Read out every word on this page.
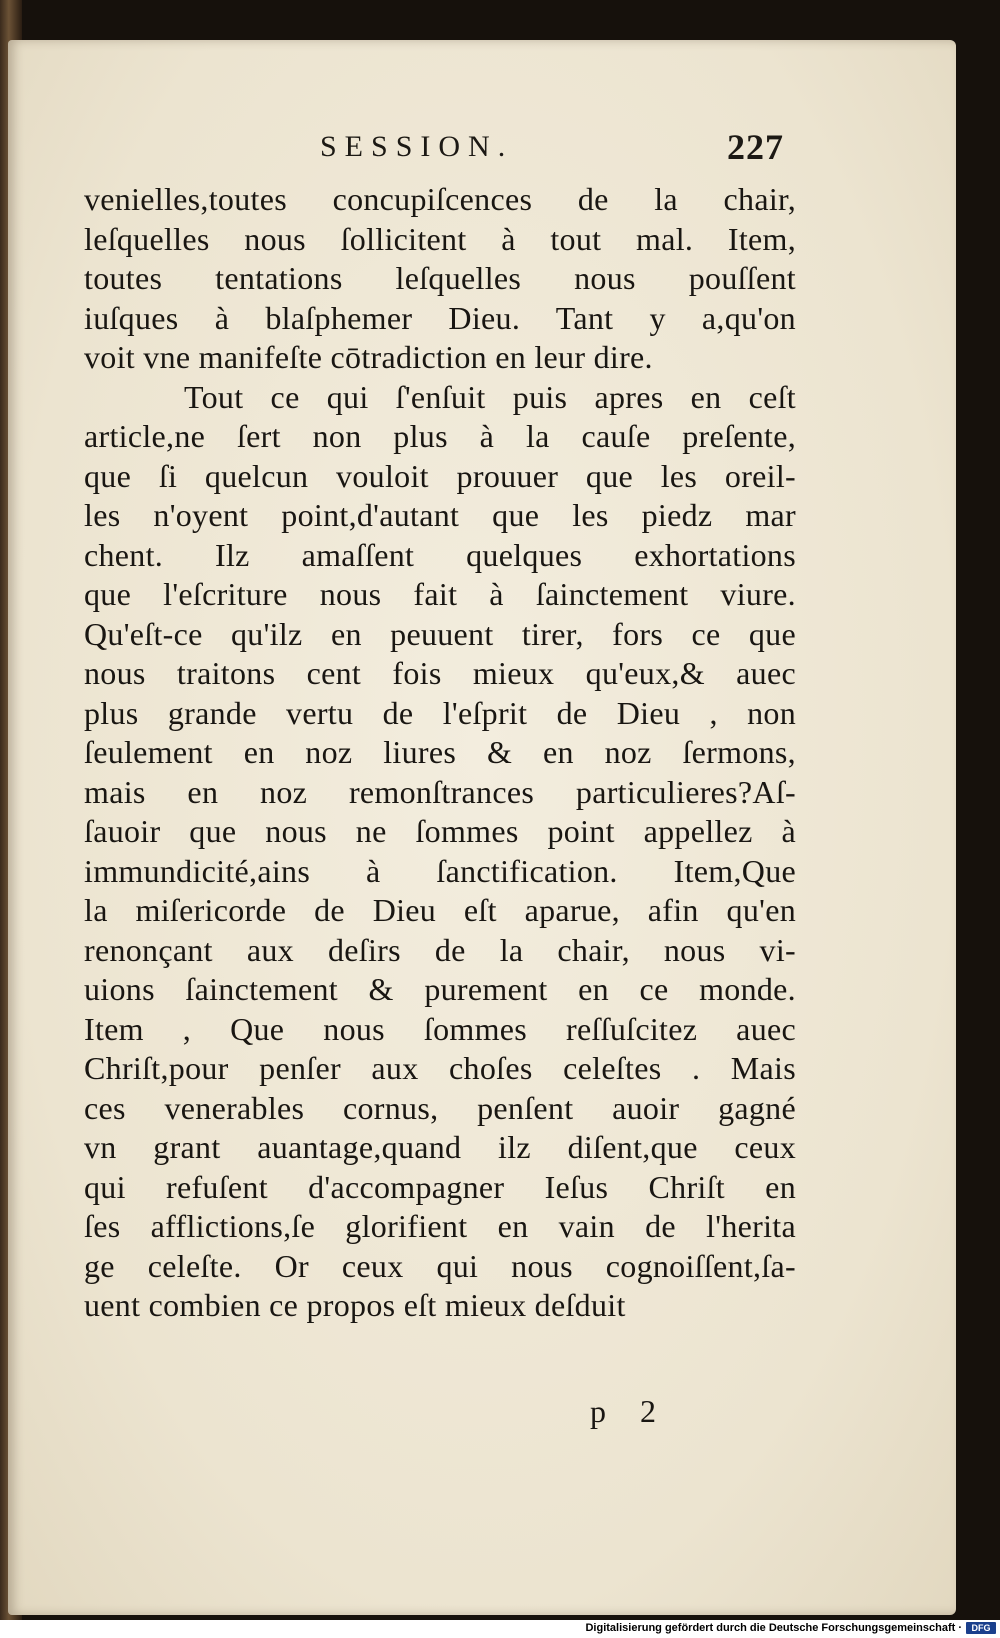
SESSION.	227
venielles,toutes concupiſcences de la chair,
leſquelles nous ſollicitent à tout mal. Item,
toutes tentations leſquelles nous pouſſent
iuſques à blaſphemer Dieu. Tant y a,qu'on
voit vne manifeſte cōtradiction en leur dire.
Tout ce qui ſ'enſuit puis apres en ceſt
article,ne ſert non plus à la cauſe preſente,
que ſi quelcun vouloit prouuer que les oreil-
les n'oyent point,d'autant que les piedz mar
chent. Ilz amaſſent quelques exhortations
que l'eſcriture nous fait à ſainctement viure.
Qu'eſt-ce qu'ilz en peuuent tirer, fors ce que
nous traitons cent fois mieux qu'eux,& auec
plus grande vertu de l'eſprit de Dieu , non
ſeulement en noz liures & en noz ſermons,
mais en noz remonſtrances particulieres?Aſ-
ſauoir que nous ne ſommes point appellez à
immundicité,ains à ſanctification. Item,Que
la miſericorde de Dieu eſt aparue, afin qu'en
renonçant aux deſirs de la chair, nous vi-
uions ſainctement & purement en ce monde.
Item , Que nous ſommes reſſuſcitez auec
Chriſt,pour penſer aux choſes celeſtes . Mais
ces venerables cornus, penſent auoir gagné
vn grant auantage,quand ilz diſent,que ceux
qui refuſent d'accompagner Ieſus Chriſt en
ſes afflictions,ſe glorifient en vain de l'herita
ge celeſte. Or ceux qui nous cognoiſſent,ſa-
uent combien ce propos eſt mieux deſduit
p 2
Digitalisierung gefördert durch die Deutsche Forschungsgemeinschaft ·	DFG
